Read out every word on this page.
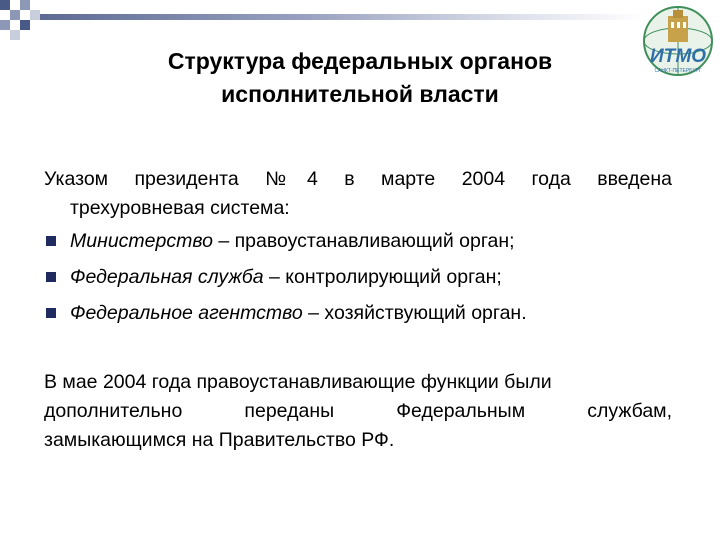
ИТМО
САНКТ-ПЕТЕРБУРГ
Структура федеральных органов
исполнительной власти
Указом президента №4 в марте 2004 года введена
трехуровневая система:
Министерство – правоустанавливающий орган;
Федеральная служба – контролирующий орган;
Федеральное агентство – хозяйствующий орган.
В мае 2004 года правоустанавливающие функции были
дополнительно переданы Федеральным службам,
замыкающимся на Правительство РФ.
